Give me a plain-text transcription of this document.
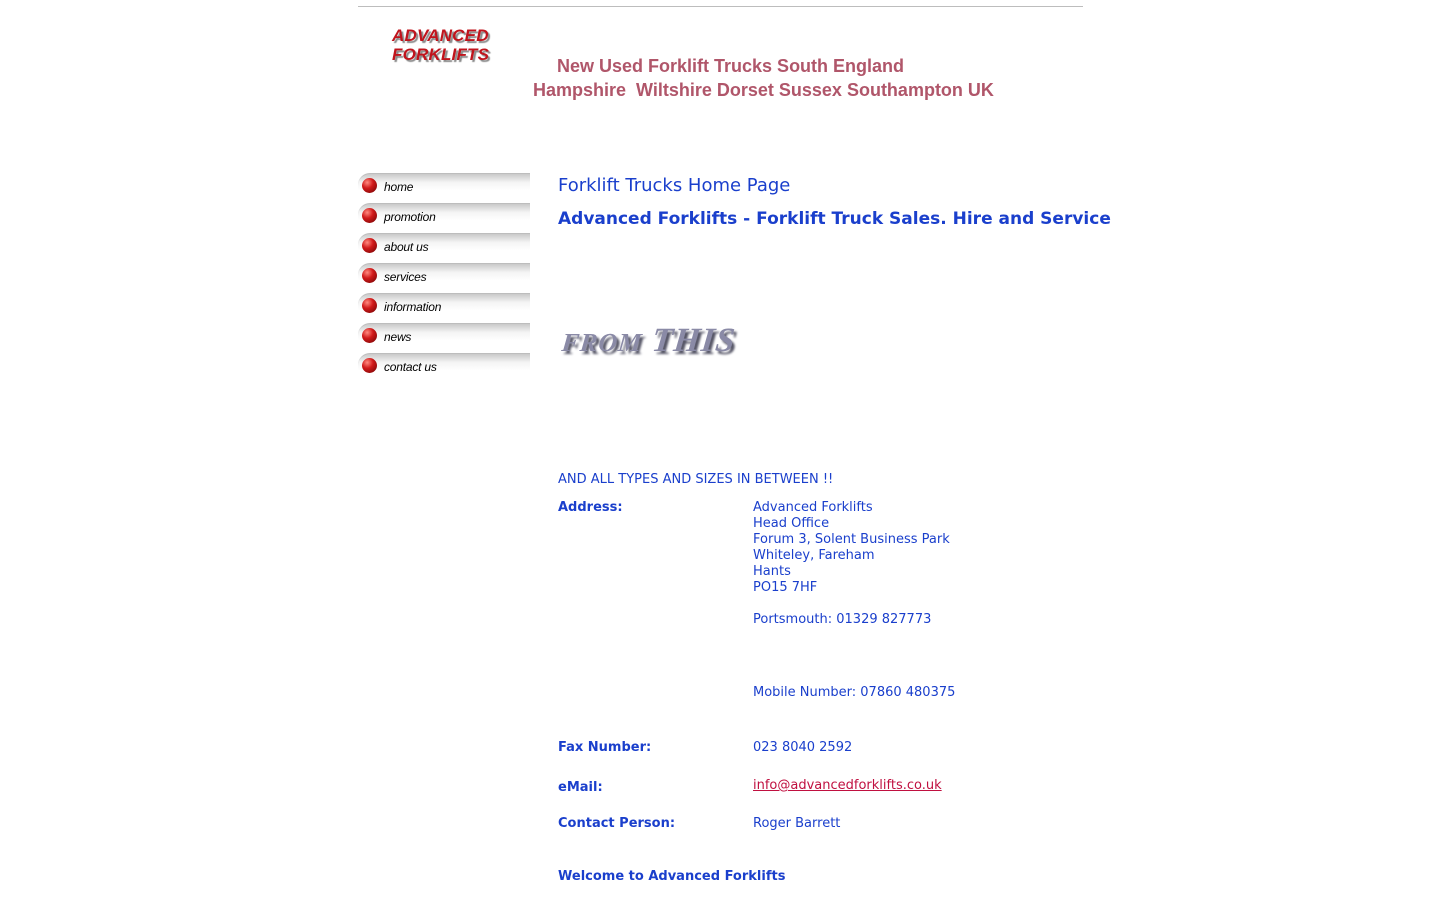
ADVANCED
FORKLIFTS
New Used Forklift Trucks South England
Hampshire  Wiltshire Dorset Sussex Southampton UK
home
promotion
about us
services
information
news
contact us
Forklift Trucks Home Page
Advanced Forklifts - Forklift Truck Sales. Hire and Service
FROM THIS
AND ALL TYPES AND SIZES IN BETWEEN !!
Address:	Advanced Forklifts
Head Office
Forum 3, Solent Business Park
Whiteley, Fareham
Hants
PO15 7HF
Portsmouth: 01329 827773
Mobile Number: 07860 480375
Fax Number:	023 8040 2592
eMail:	info@advancedforklifts.co.uk
Contact Person:	Roger Barrett
Welcome to Advanced Forklifts
